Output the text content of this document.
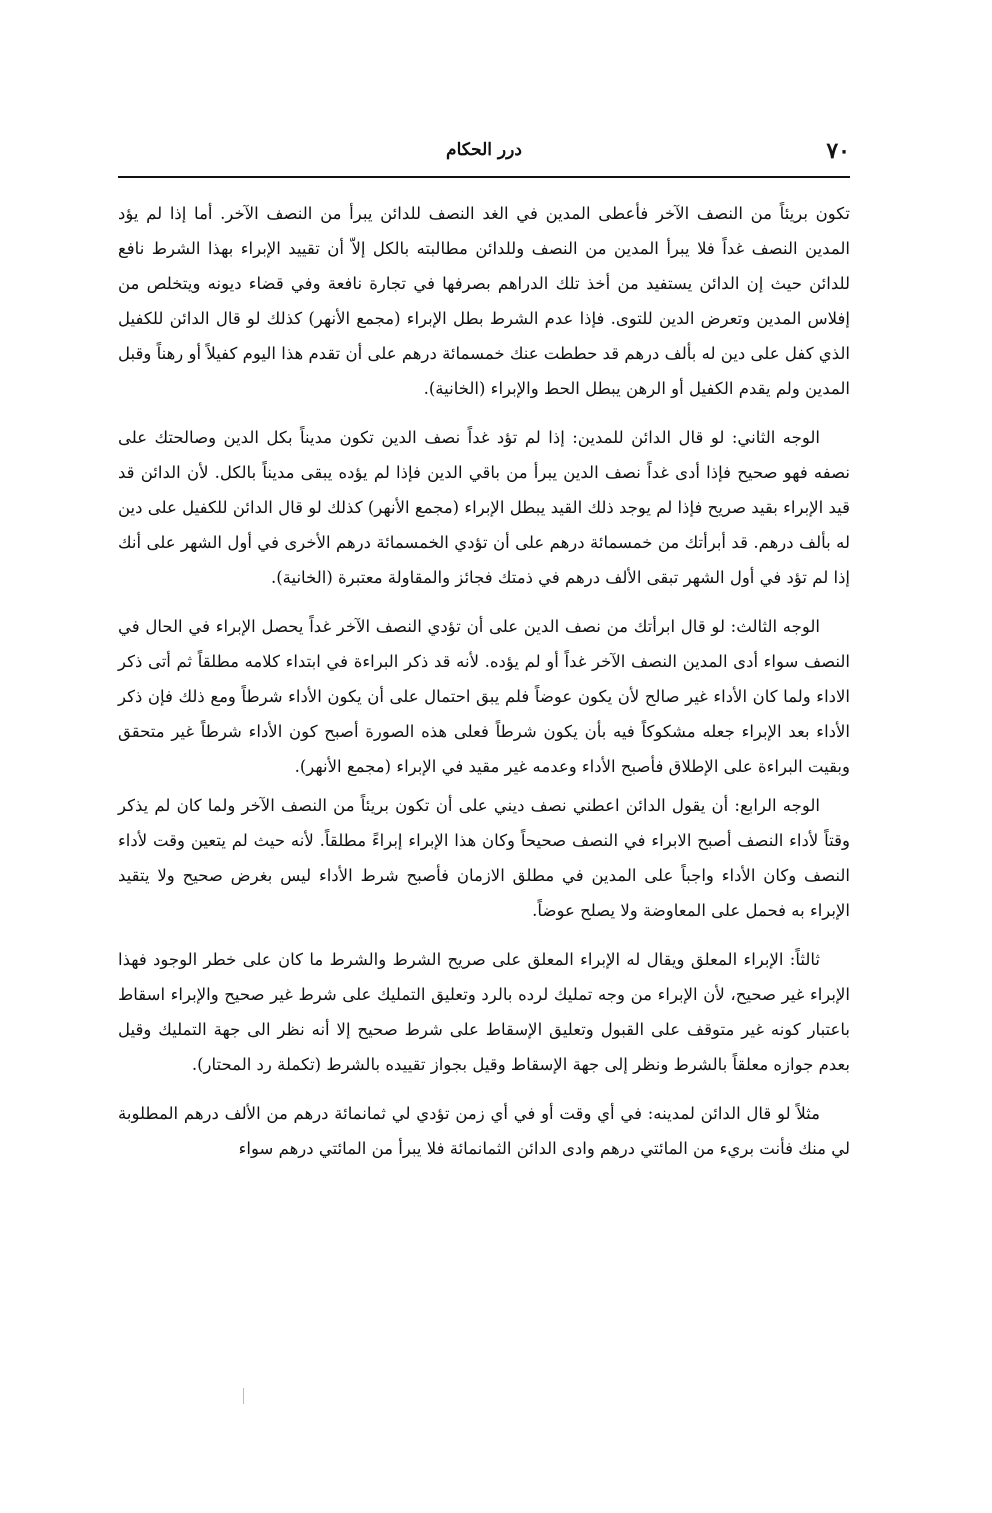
٧٠
درر الحكام

تكون بريئاً من النصف الآخر فأعطى المدين في الغد النصف للدائن يبرأ من النصف الآخر. أما إذا لم يؤد المدين النصف غداً فلا يبرأ المدين من النصف وللدائن مطالبته بالكل إلاّ أن تقييد الإبراء بهذا الشرط نافع للدائن حيث إن الدائن يستفيد من أخذ تلك الدراهم بصرفها في تجارة نافعة وفي قضاء ديونه ويتخلص من إفلاس المدين وتعرض الدين للتوى. فإذا عدم الشرط بطل الإبراء (مجمع الأنهر) كذلك لو قال الدائن للكفيل الذي كفل على دين له بألف درهم قد حططت عنك خمسمائة درهم على أن تقدم هذا اليوم كفيلاً أو رهناً وقبل المدين ولم يقدم الكفيل أو الرهن يبطل الحط والإبراء (الخانية).

الوجه الثاني: لو قال الدائن للمدين: إذا لم تؤد غداً نصف الدين تكون مديناً بكل الدين وصالحتك على نصفه فهو صحيح فإذا أدى غداً نصف الدين يبرأ من باقي الدين فإذا لم يؤده يبقى مديناً بالكل. لأن الدائن قد قيد الإبراء بقيد صريح فإذا لم يوجد ذلك القيد يبطل الإبراء (مجمع الأنهر) كذلك لو قال الدائن للكفيل على دين له بألف درهم. قد أبرأتك من خمسمائة درهم على أن تؤدي الخمسمائة درهم الأخرى في أول الشهر على أنك إذا لم تؤد في أول الشهر تبقى الألف درهم في ذمتك فجائز والمقاولة معتبرة (الخانية).

الوجه الثالث: لو قال ابرأتك من نصف الدين على أن تؤدي النصف الآخر غداً يحصل الإبراء في الحال في النصف سواء أدى المدين النصف الآخر غداً أو لم يؤده. لأنه قد ذكر البراءة في ابتداء كلامه مطلقاً ثم أتى ذكر الاداء ولما كان الأداء غير صالح لأن يكون عوضاً فلم يبق احتمال على أن يكون الأداء شرطاً ومع ذلك فإن ذكر الأداء بعد الإبراء جعله مشكوكاً فيه بأن يكون شرطاً فعلى هذه الصورة أصبح كون الأداء شرطاً غير متحقق وبقيت البراءة على الإطلاق فأصبح الأداء وعدمه غير مقيد في الإبراء (مجمع الأنهر).

الوجه الرابع: أن يقول الدائن اعطني نصف ديني على أن تكون بريئاً من النصف الآخر ولما كان لم يذكر وقتاً لأداء النصف أصبح الابراء في النصف صحيحاً وكان هذا الإبراء إبراءً مطلقاً. لأنه حيث لم يتعين وقت لأداء النصف وكان الأداء واجباً على المدين في مطلق الازمان فأصبح شرط الأداء ليس بغرض صحيح ولا يتقيد الإبراء به فحمل على المعاوضة ولا يصلح عوضاً.

ثالثاً: الإبراء المعلق ويقال له الإبراء المعلق على صريح الشرط والشرط ما كان على خطر الوجود فهذا الإبراء غير صحيح، لأن الإبراء من وجه تمليك لرده بالرد وتعليق التمليك على شرط غير صحيح والإبراء اسقاط باعتبار كونه غير متوقف على القبول وتعليق الإسقاط على شرط صحيح إلا أنه نظر الى جهة التمليك وقيل بعدم جوازه معلقاً بالشرط ونظر إلى جهة الإسقاط وقيل بجواز تقييده بالشرط (تكملة رد المحتار).

مثلاً لو قال الدائن لمدينه: في أي وقت أو في أي زمن تؤدي لي ثمانمائة درهم من الألف درهم المطلوبة لي منك فأنت بريء من المائتي درهم وادى الدائن الثمانمائة فلا يبرأ من المائتي درهم سواء
